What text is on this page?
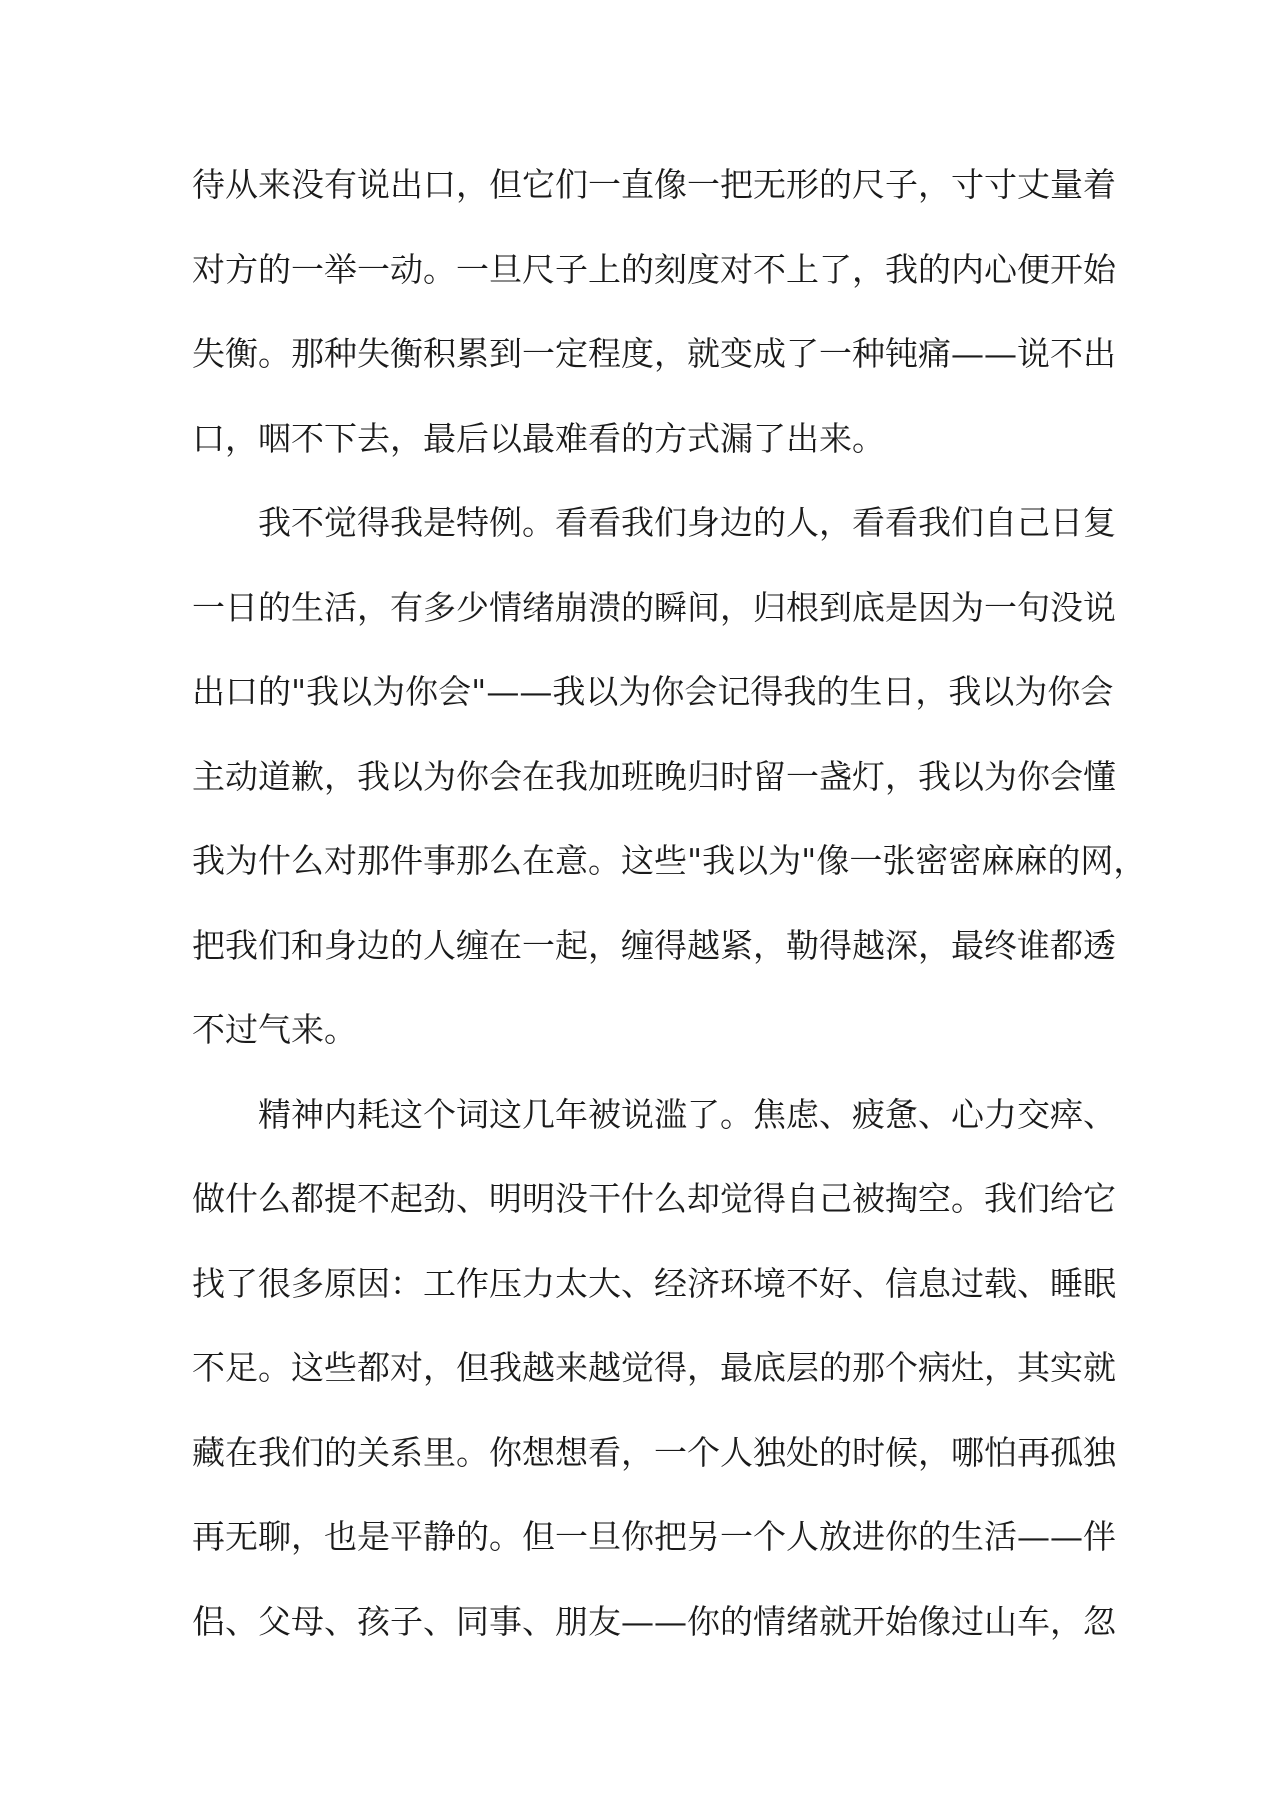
待从来没有说出口，但它们一直像一把无形的尺子，寸寸丈量着
对方的一举一动。一旦尺子上的刻度对不上了，我的内心便开始
失衡。那种失衡积累到一定程度，就变成了一种钝痛——说不出
口，咽不下去，最后以最难看的方式漏了出来。
我不觉得我是特例。看看我们身边的人，看看我们自己日复
一日的生活，有多少情绪崩溃的瞬间，归根到底是因为一句没说
出口的"我以为你会"——我以为你会记得我的生日，我以为你会
主动道歉，我以为你会在我加班晚归时留一盏灯，我以为你会懂
我为什么对那件事那么在意。这些"我以为"像一张密密麻麻的网，
把我们和身边的人缠在一起，缠得越紧，勒得越深，最终谁都透
不过气来。
精神内耗这个词这几年被说滥了。焦虑、疲惫、心力交瘁、
做什么都提不起劲、明明没干什么却觉得自己被掏空。我们给它
找了很多原因：工作压力太大、经济环境不好、信息过载、睡眠
不足。这些都对，但我越来越觉得，最底层的那个病灶，其实就
藏在我们的关系里。你想想看，一个人独处的时候，哪怕再孤独
再无聊，也是平静的。但一旦你把另一个人放进你的生活——伴
侣、父母、孩子、同事、朋友——你的情绪就开始像过山车，忽
